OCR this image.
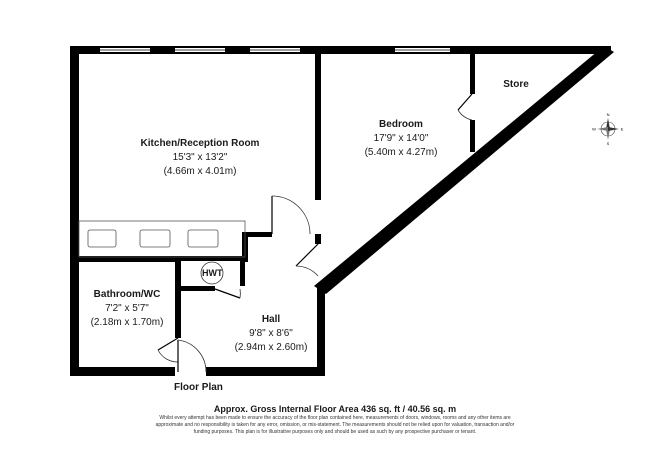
N
E
S
W
Kitchen/Reception Room
15'3" x 13'2"
(4.66m x 4.01m)
Bedroom
17'9" x 14'0"
(5.40m x 4.27m)
Store
Bathroom/WC
7'2" x 5'7"
(2.18m x 1.70m)	Hall
9'8" x 8'6"
(2.94m x 2.60m)
HWT
Floor Plan
Approx. Gross Internal Floor Area 436 sq. ft / 40.56 sq. m
Whilst every attempt has been made to ensure the accuracy of the floor plan contained here, measurements of doors, windows, rooms and any other items are approximate and no responsibility is taken for any error, omission, or mis-statement. The measurements should not be relied upon for valuation, transaction and/or funding purposes. This plan is for illustrative purposes only and should be used as such by any prospective purchaser or tenant.
